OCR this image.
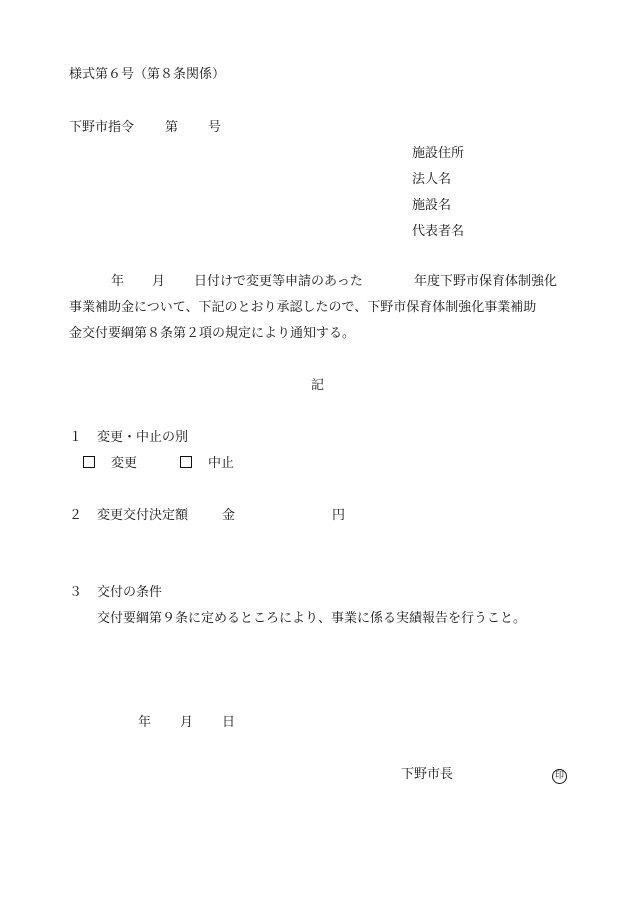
様式第６号（第８条関係）
下野市指令 第 号
施設住所
法人名
施設名
代表者名
年 月 日付けで変更等申請のあった	年度下野市保育体制強化
事業補助金について、下記のとおり承認したので、下野市保育体制強化事業補助
金交付要綱第８条第２項の規定により通知する。
記
１ 変更・中止の別
変更	中止
２ 変更交付決定額	金	円
３ 交付の条件
交付要綱第９条に定めるところにより、事業に係る実績報告を行うこと。
年 月 日
下野市長	印
